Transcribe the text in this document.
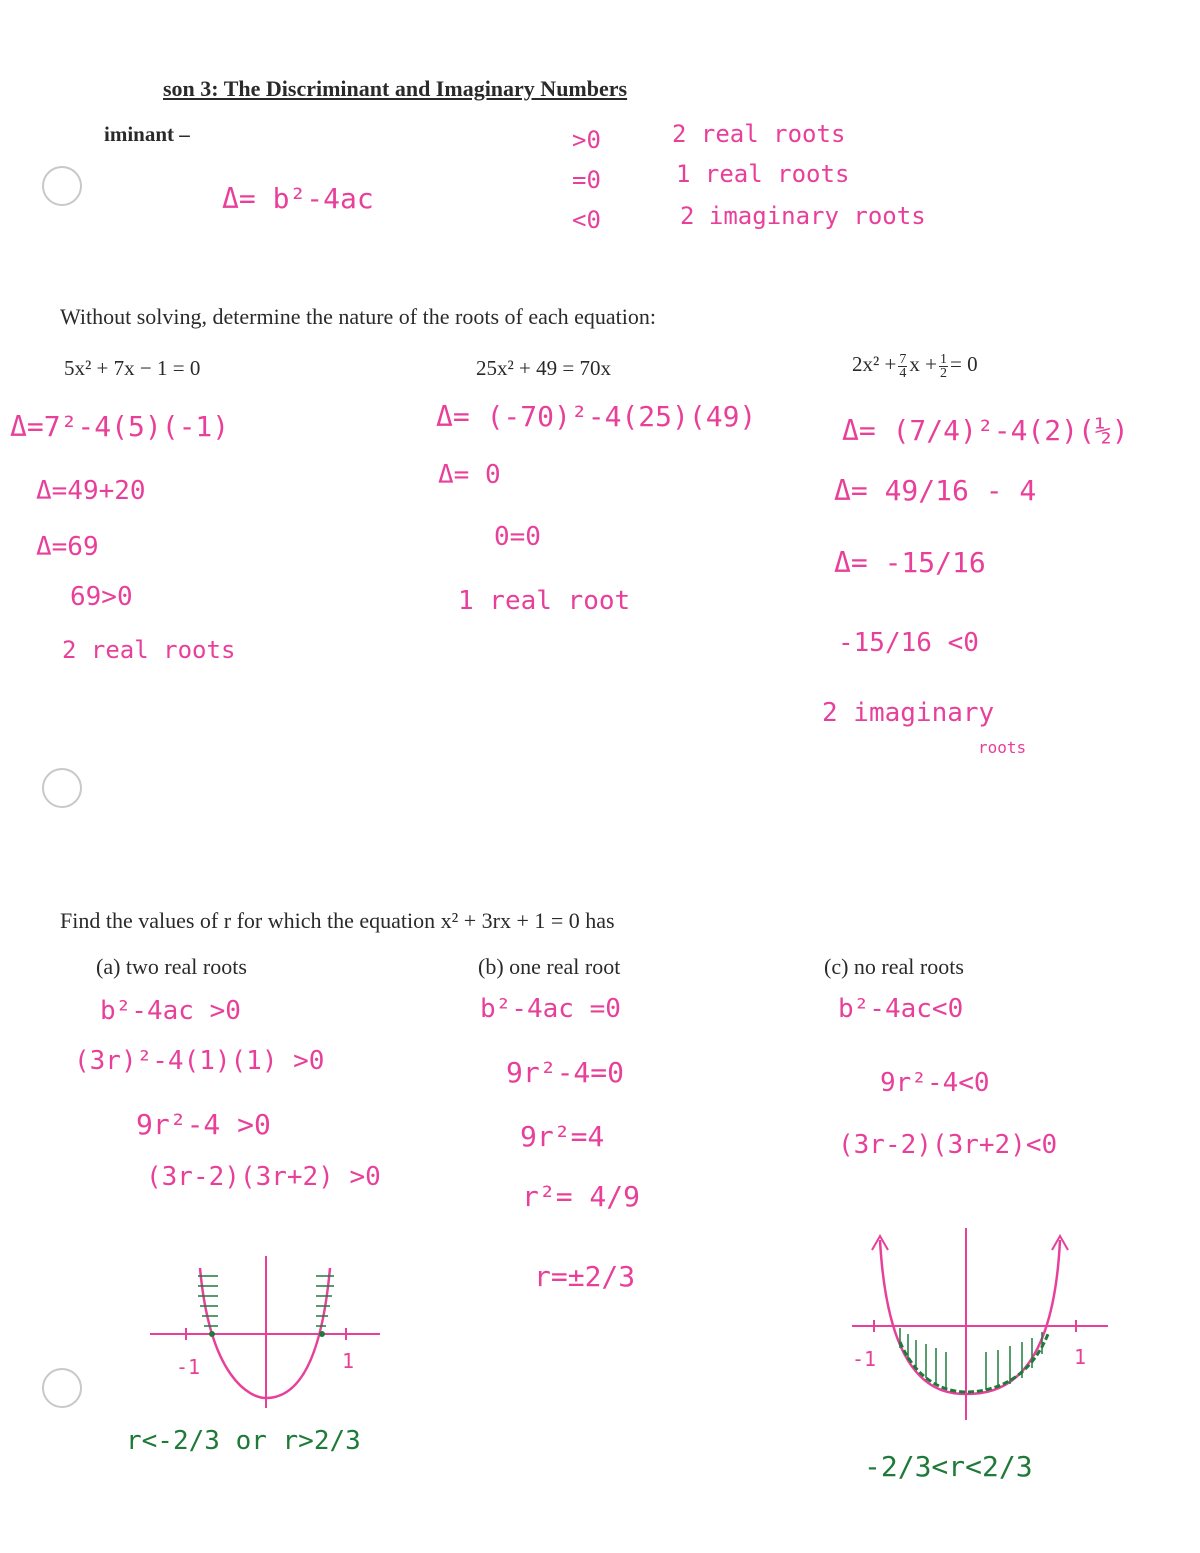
son 3: The Discriminant and Imaginary Numbers
iminant –
Δ= b²-4ac
>0	2 real roots
=0	1 real roots
<0	2 imaginary roots
Without solving, determine the nature of the roots of each equation:
5x² + 7x − 1 = 0	25x² + 49 = 70x	$2x^2 + \frac{7}{4}$ $x + \frac{1}{2} = 0$
Δ=7²-4(5)(-1)
Δ=49+20
Δ=69
69>0
2 real roots
Δ= (-70)²-4(25)(49)
Δ= 0
0=0
1 real root
Δ= (7/4)²-4(2)(½)
Δ= 49/16 - 4
Δ= -15/16
-15/16 <0
2 imaginary
roots
Find the values of r for which the equation x² + 3rx + 1 = 0 has
(a) two real roots	(b) one real root	(c) no real roots
b²-4ac >0
(3r)²-4(1)(1) >0
9r²-4 >0
(3r-2)(3r+2) >0
b²-4ac =0
9r²-4=0
9r²=4
r²= 4/9
r=±2/3
b²-4ac<0
9r²-4<0
(3r-2)(3r+2)<0
-1	1
r<-2/3 or r>2/3
-1	1
-2/3<r<2/3
